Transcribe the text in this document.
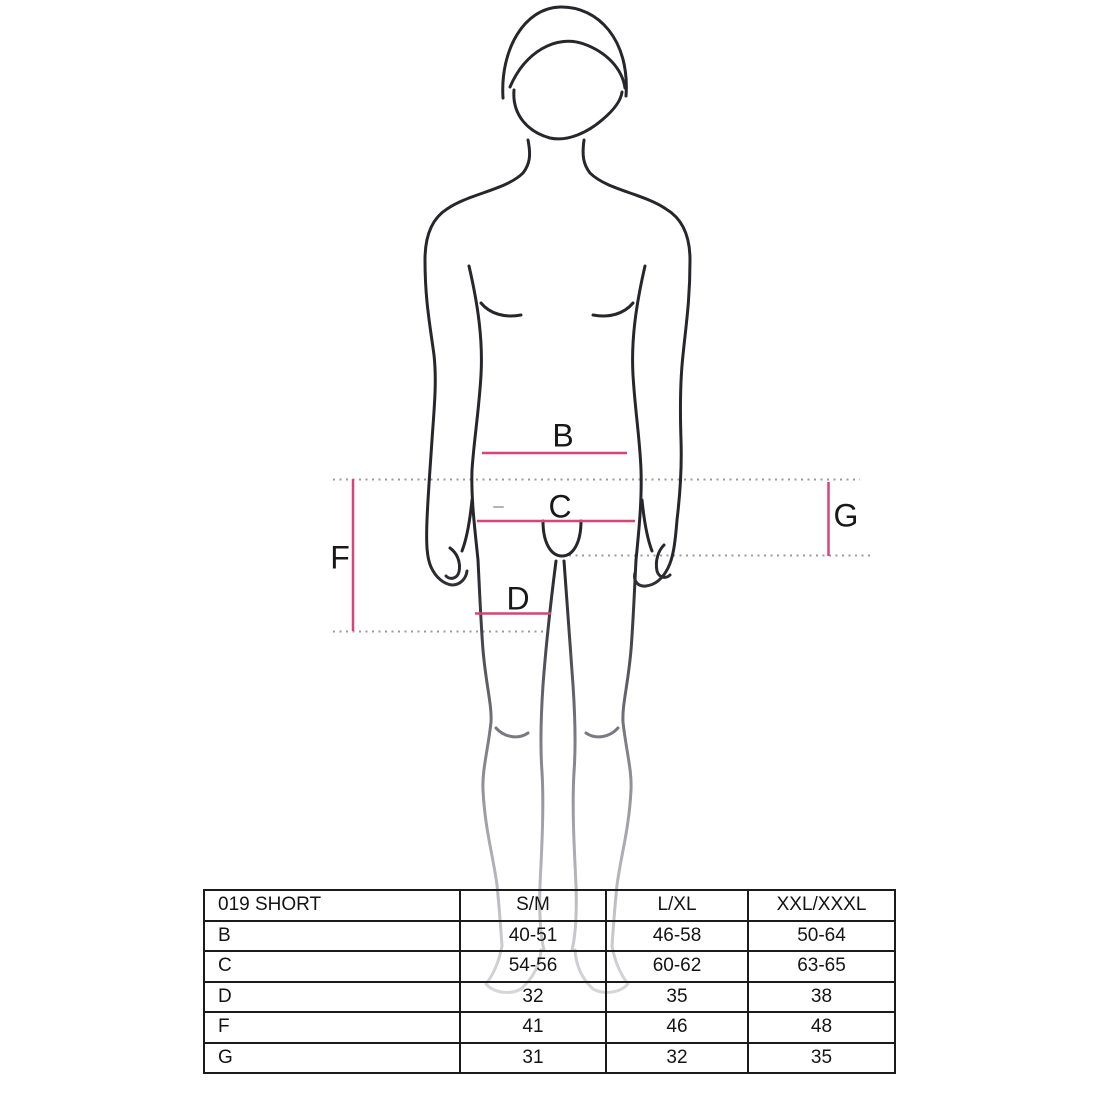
B
C
D
F
G
019 SHORT	S/M	L/XL	XXL/XXXL
B	40-51	46-58	50-64
C	54-56	60-62	63-65
D	32	35	38
F	41	46	48
G	31	32	35
